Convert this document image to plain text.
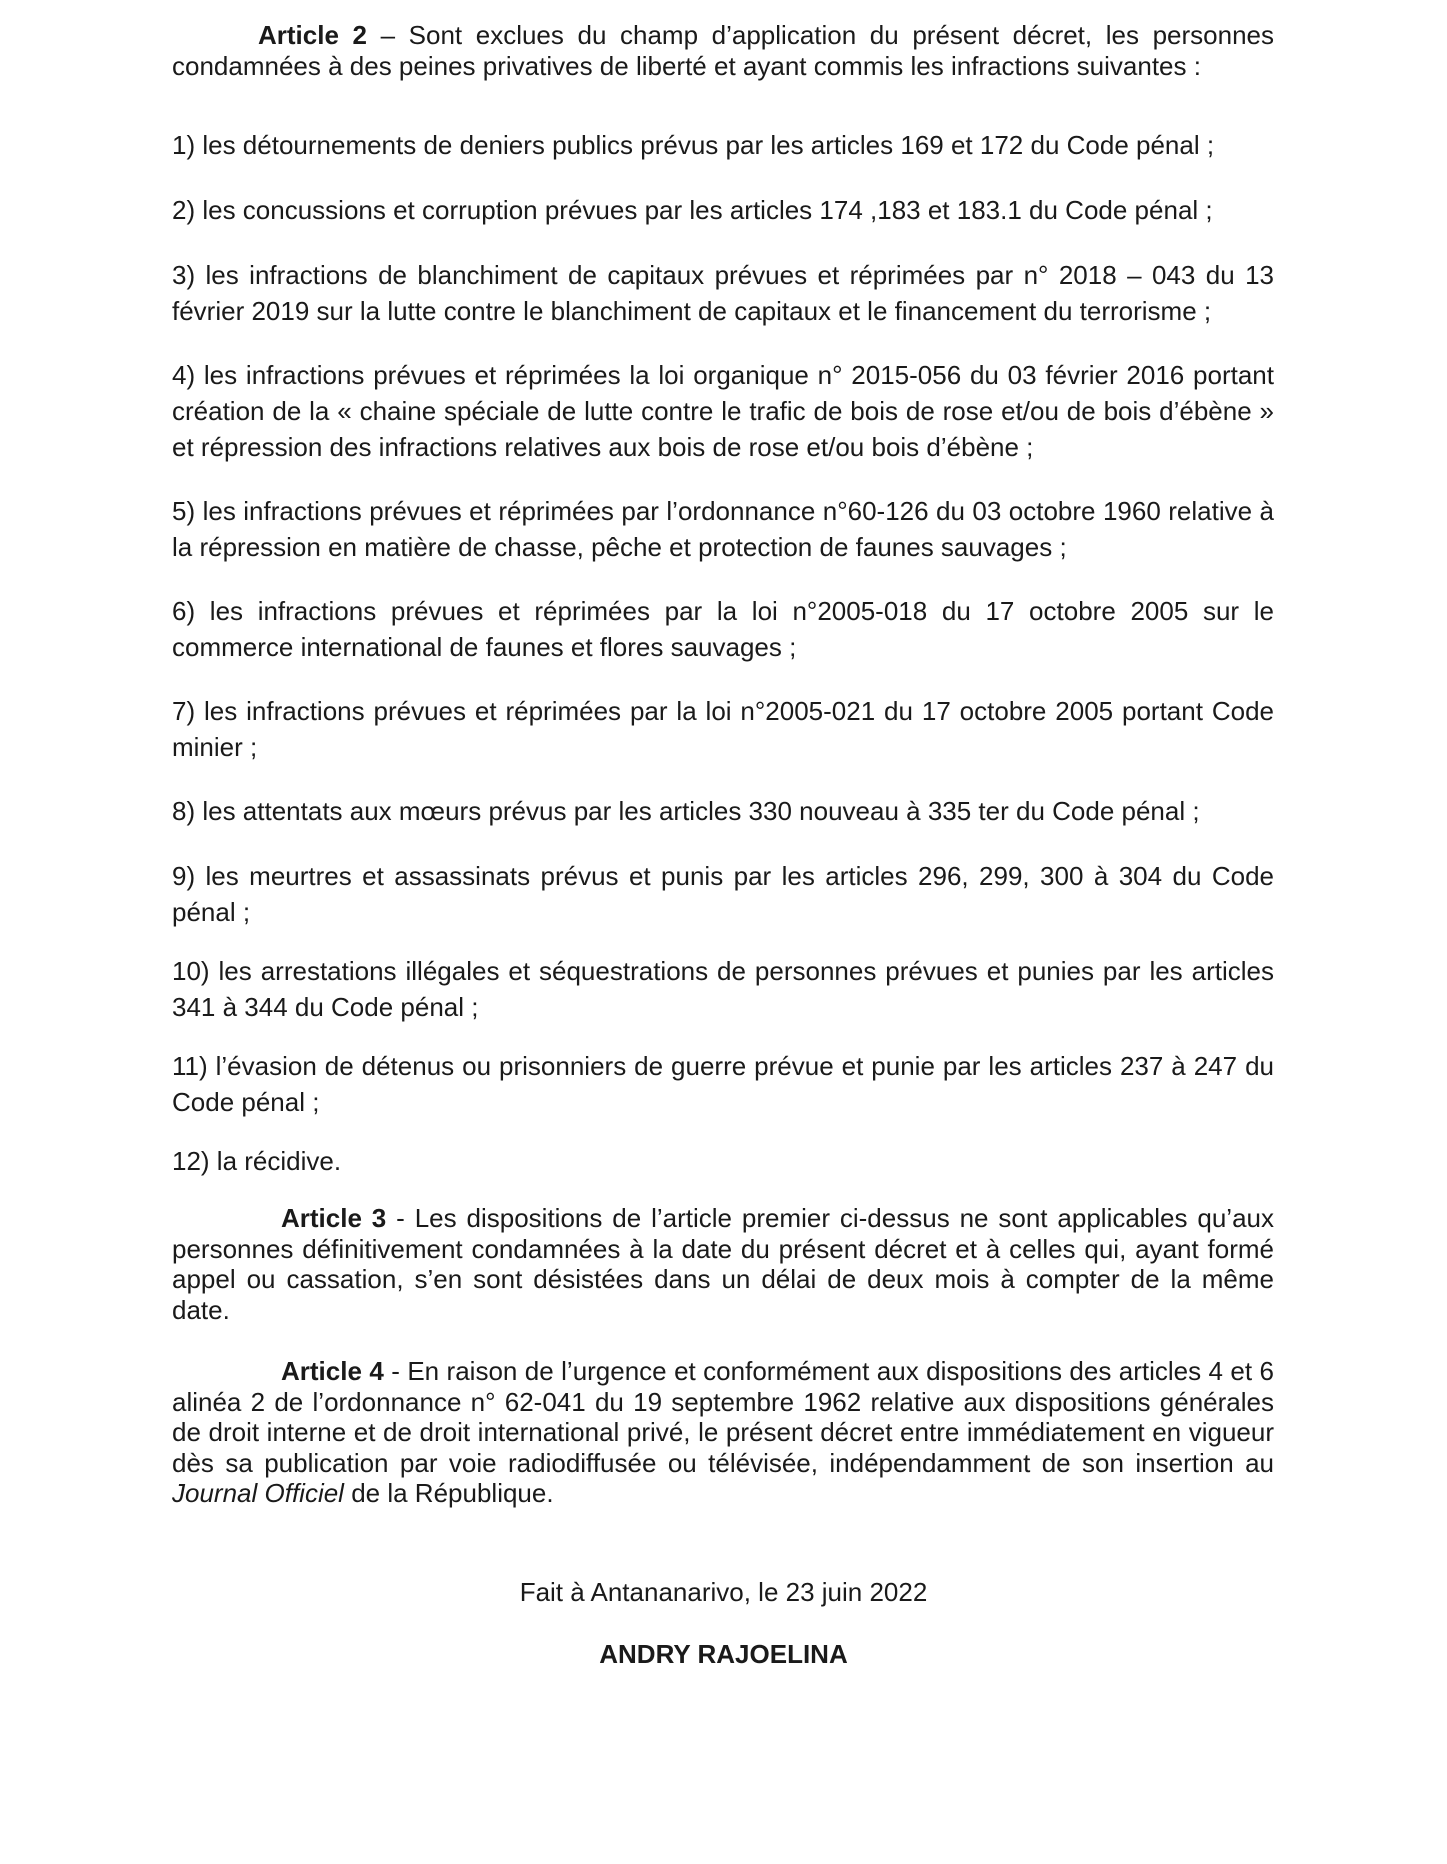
Article 2 – Sont exclues du champ d’application du présent décret, les personnes condamnées à des peines privatives de liberté et ayant commis les infractions suivantes :

1) les détournements de deniers publics prévus par les articles 169 et 172 du Code pénal ;

2) les concussions et corruption prévues par les articles 174 ,183 et 183.1 du Code pénal ;

3) les infractions de blanchiment de capitaux prévues et réprimées par n° 2018 – 043 du 13 février 2019 sur la lutte contre le blanchiment de capitaux et le financement du terrorisme ;

4) les infractions prévues et réprimées la loi organique n° 2015-056 du 03 février 2016 portant création de la « chaine spéciale de lutte contre le trafic de bois de rose et/ou de bois d’ébène » et répression des infractions relatives aux bois de rose et/ou bois d’ébène ;

5) les infractions prévues et réprimées par l’ordonnance n°60-126 du 03 octobre 1960 relative à la répression en matière de chasse, pêche et protection de faunes sauvages ;

6) les infractions prévues et réprimées par la loi n°2005-018 du 17 octobre 2005 sur le commerce international de faunes et flores sauvages ;

7) les infractions prévues et réprimées par la loi n°2005-021 du 17 octobre 2005 portant Code minier ;

8) les attentats aux mœurs prévus par les articles 330 nouveau à 335 ter du Code pénal ;

9) les meurtres et assassinats prévus et punis par les articles 296, 299, 300 à 304 du Code pénal ;

10) les arrestations illégales et séquestrations de personnes prévues et punies par les articles 341 à 344 du Code pénal ;

11) l’évasion de détenus ou prisonniers de guerre prévue et punie par les articles 237 à 247 du Code pénal ;

12) la récidive.

Article 3 - Les dispositions de l’article premier ci-dessus ne sont applicables qu’aux personnes définitivement condamnées à la date du présent décret et à celles qui, ayant formé appel ou cassation, s’en sont désistées dans un délai de deux mois à compter de la même date.

Article 4 - En raison de l’urgence et conformément aux dispositions des articles 4 et 6 alinéa 2 de l’ordonnance n° 62-041 du 19 septembre 1962 relative aux dispositions générales de droit interne et de droit international privé, le présent décret entre immédiatement en vigueur dès sa publication par voie radiodiffusée ou télévisée, indépendamment de son insertion au Journal Officiel de la République.

Fait à Antananarivo, le 23 juin 2022
ANDRY RAJOELINA
